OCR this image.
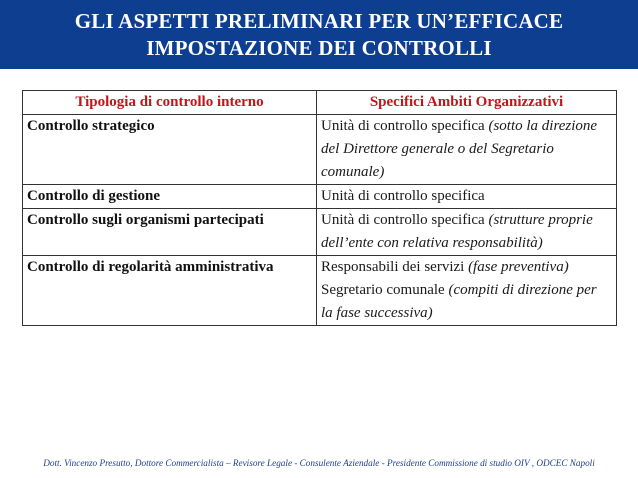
GLI ASPETTI PRELIMINARI PER UN’EFFICACE
IMPOSTAZIONE DEI CONTROLLI
Tipologia di controllo interno	Specifici Ambiti Organizzativi
Controllo strategico	Unità di controllo specifica (sotto la direzione del Direttore generale o del Segretario comunale)
Controllo di gestione	Unità di controllo specifica
Controllo sugli organismi partecipati	Unità di controllo specifica (strutture proprie dell’ente con relativa responsabilità)
Controllo di regolarità amministrativa	Responsabili dei servizi (fase preventiva)
Segretario comunale (compiti di direzione per la fase successiva)
Dott. Vincenzo Presutto, Dottore Commercialista – Revisore Legale - Consulente Aziendale - Presidente Commissione di studio OIV , ODCEC Napoli
